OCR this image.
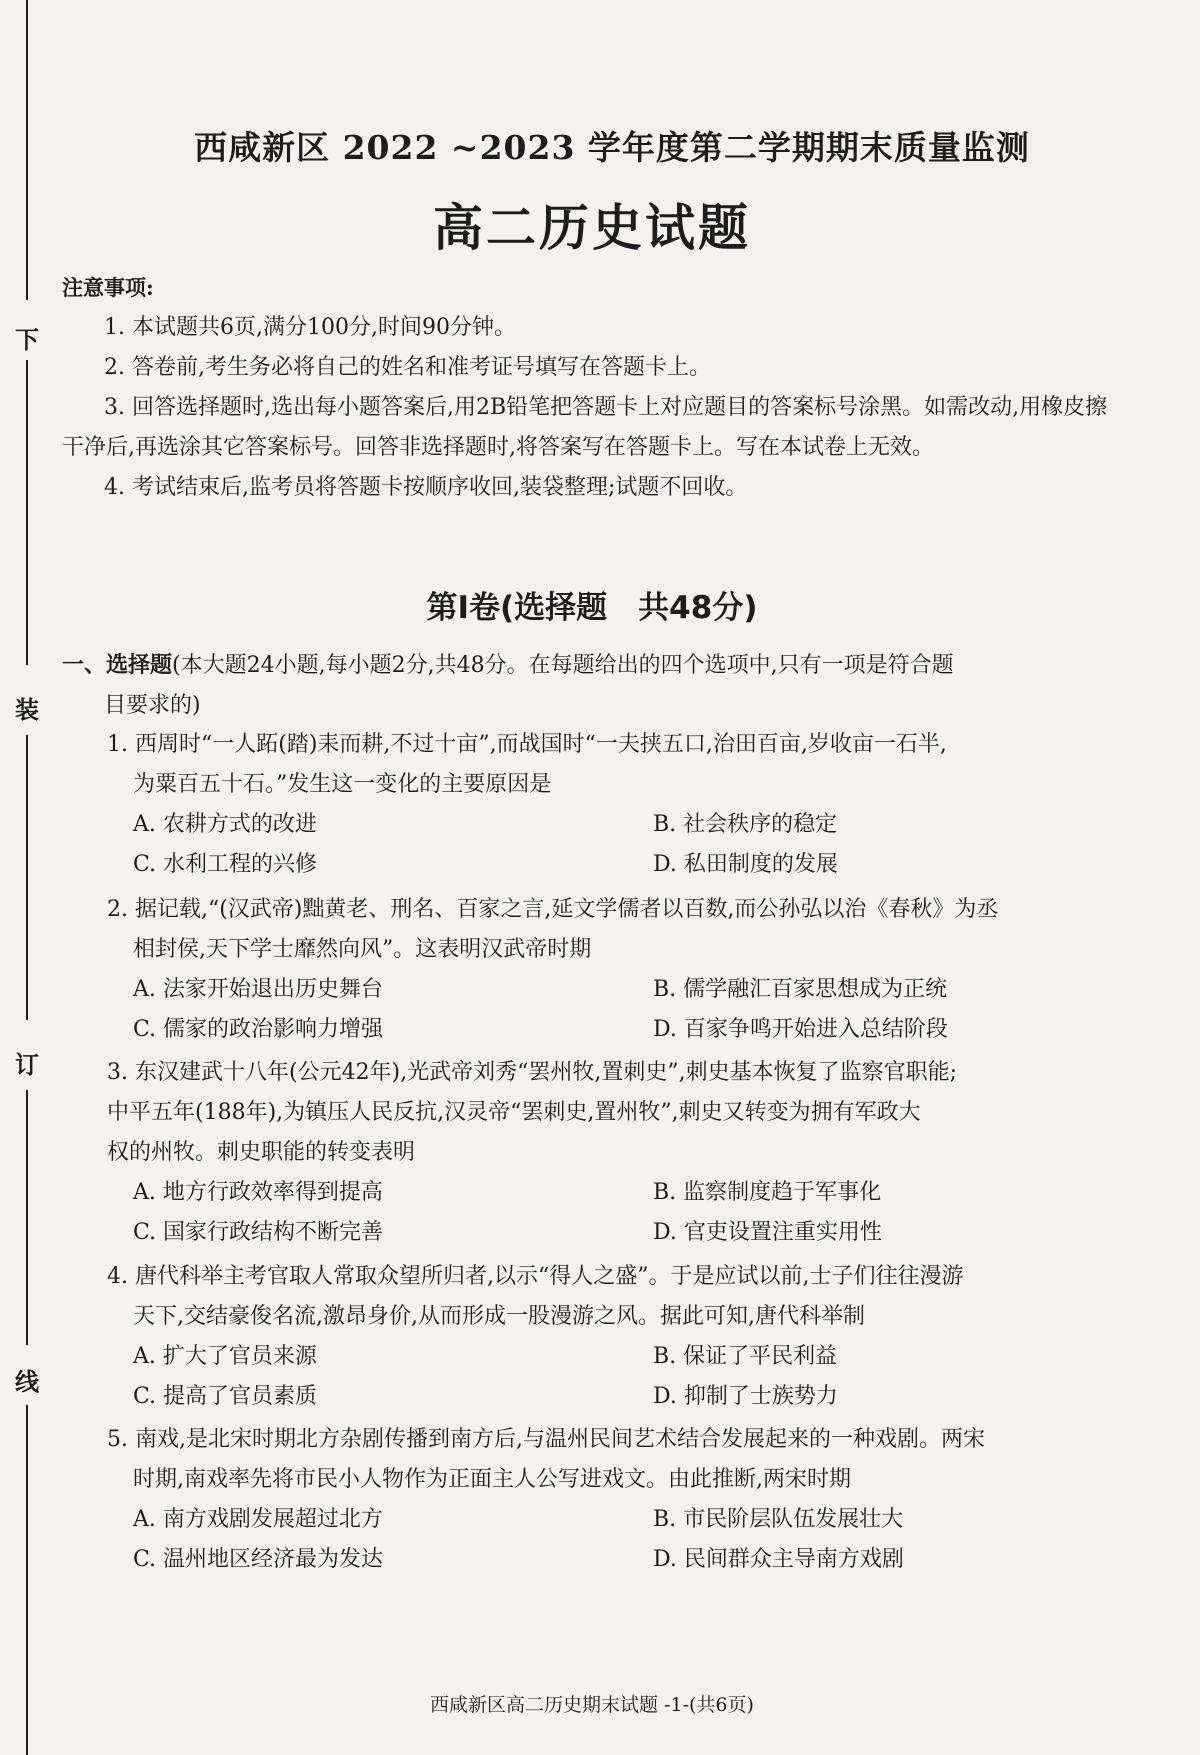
下
装
订
线
西咸新区 2022 ~2023 学年度第二学期期末质量监测
高二历史试题
注意事项:

1. 本试题共6页,满分100分,时间90分钟。

2. 答卷前,考生务必将自己的姓名和准考证号填写在答题卡上。

3. 回答选择题时,选出每小题答案后,用2B铅笔把答题卡上对应题目的答案标号涂黑。如需改动,用橡皮擦干净后,再选涂其它答案标号。回答非选择题时,将答案写在答题卡上。写在本试卷上无效。

4. 考试结束后,监考员将答题卡按顺序收回,装袋整理;试题不回收。

第Ⅰ卷(选择题　共48分)
一、选择题(本大题24小题,每小题2分,共48分。在每题给出的四个选项中,只有一项是符合题
目要求的)
1. 西周时“一人跖(踏)耒而耕,不过十亩”,而战国时“一夫挟五口,治田百亩,岁收亩一石半,
为粟百五十石。”发生这一变化的主要原因是
A. 农耕方式的改进	B. 社会秩序的稳定
C. 水利工程的兴修	D. 私田制度的发展
2. 据记载,“(汉武帝)黜黄老、刑名、百家之言,延文学儒者以百数,而公孙弘以治《春秋》为丞
相封侯,天下学士靡然向风”。这表明汉武帝时期
A. 法家开始退出历史舞台	B. 儒学融汇百家思想成为正统
C. 儒家的政治影响力增强	D. 百家争鸣开始进入总结阶段
3. 东汉建武十八年(公元42年),光武帝刘秀“罢州牧,置刺史”,刺史基本恢复了监察官职能;
中平五年(188年),为镇压人民反抗,汉灵帝“罢刺史,置州牧”,刺史又转变为拥有军政大
权的州牧。刺史职能的转变表明
A. 地方行政效率得到提高	B. 监察制度趋于军事化
C. 国家行政结构不断完善	D. 官吏设置注重实用性
4. 唐代科举主考官取人常取众望所归者,以示“得人之盛”。于是应试以前,士子们往往漫游
天下,交结豪俊名流,激昂身价,从而形成一股漫游之风。据此可知,唐代科举制
A. 扩大了官员来源	B. 保证了平民利益
C. 提高了官员素质	D. 抑制了士族势力
5. 南戏,是北宋时期北方杂剧传播到南方后,与温州民间艺术结合发展起来的一种戏剧。两宋
时期,南戏率先将市民小人物作为正面主人公写进戏文。由此推断,两宋时期
A. 南方戏剧发展超过北方	B. 市民阶层队伍发展壮大
C. 温州地区经济最为发达	D. 民间群众主导南方戏剧
西咸新区高二历史期末试题 -1-(共6页)
